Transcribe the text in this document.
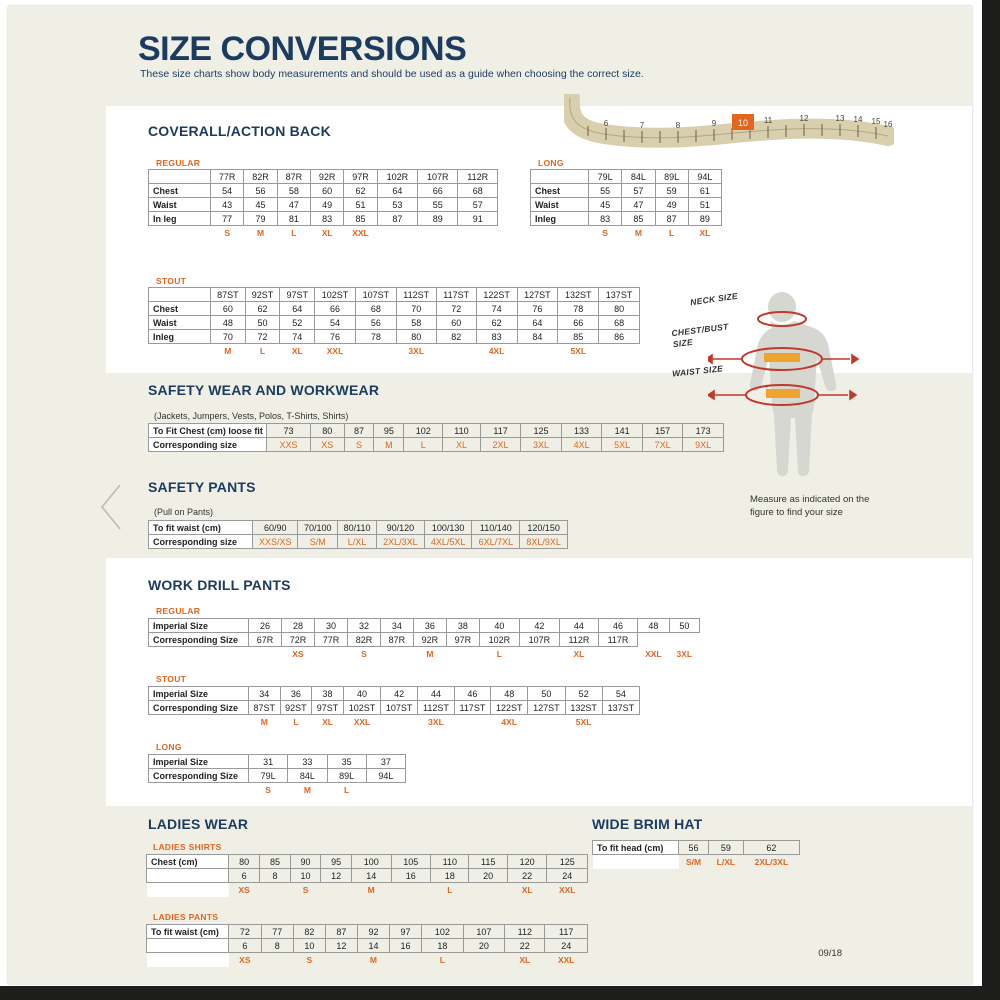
SIZE CONVERSIONS
These size charts show body measurements and should be used as a guide when choosing the correct size.
6	7	8	9	11	12	13 14 15 16
10
COVERALL/ACTION BACK
REGULAR
	77R	82R	87R	92R	97R	102R	107R	112R
Chest	54	56	58	60	62	64	66	68
Waist	43	45	47	49	51	53	55	57
In leg	77	79	81	83	85	87	89	91
	S	M	L	XL	XXL			
LONG
	79L	84L	89L	94L
Chest	55	57	59	61
Waist	45	47	49	51
Inleg	83	85	87	89
	S	M	L	XL
STOUT
	87ST	92ST	97ST	102ST	107ST	112ST	117ST	122ST	127ST	132ST	137ST
Chest	60	62	64	66	68	70	72	74	76	78	80
Waist	48	50	52	54	56	58	60	62	64	66	68
Inleg	70	72	74	76	78	80	82	83	84	85	86
	M	L	XL	XXL		3XL		4XL		5XL	
SAFETY WEAR AND WORKWEAR
(Jackets, Jumpers, Vests, Polos, T-Shirts, Shirts)
To Fit Chest (cm) loose fit	73	80	87	95	102	110	117	125	133	141	157	173
Corresponding size	XXS	XS	S	M	L	XL	2XL	3XL	4XL	5XL	7XL	9XL
SAFETY PANTS
(Pull on Pants)
To fit waist (cm)	60/90	70/100	80/110	90/120	100/130	110/140	120/150
Corresponding size	XXS/XS	S/M	L/XL	2XL/3XL	4XL/5XL	6XL/7XL	8XL/9XL
NECK SIZE
CHEST/BUST SIZE
WAIST SIZE
Measure as indicated on the figure to find your size
WORK DRILL PANTS
REGULAR
Imperial Size	26	28	30	32	34	36	38	40	42	44	46	48	50
Corresponding Size	67R	72R	77R	82R	87R	92R	97R	102R	107R	112R	117R		
		XS		S		M		L		XL		XXL	3XL
STOUT
Imperial Size	34	36	38	40	42	44	46	48	50	52	54
Corresponding Size	87ST	92ST	97ST	102ST	107ST	112ST	117ST	122ST	127ST	132ST	137ST
	M	L	XL	XXL		3XL		4XL		5XL	
LONG
Imperial Size	31	33	35	37
Corresponding Size	79L	84L	89L	94L
	S	M	L	
LADIES WEAR
LADIES SHIRTS
Chest (cm)	80	85	90	95	100	105	110	115	120	125
	6	8	10	12	14	16	18	20	22	24
	XS		S		M		L		XL	XXL
LADIES PANTS
To fit waist (cm)	72	77	82	87	92	97	102	107	112	117
	6	8	10	12	14	16	18	20	22	24
	XS		S		M		L		XL	XXL
WIDE BRIM HAT
To fit head (cm)	56	59	62
	S/M	L/XL	2XL/3XL
09/18
